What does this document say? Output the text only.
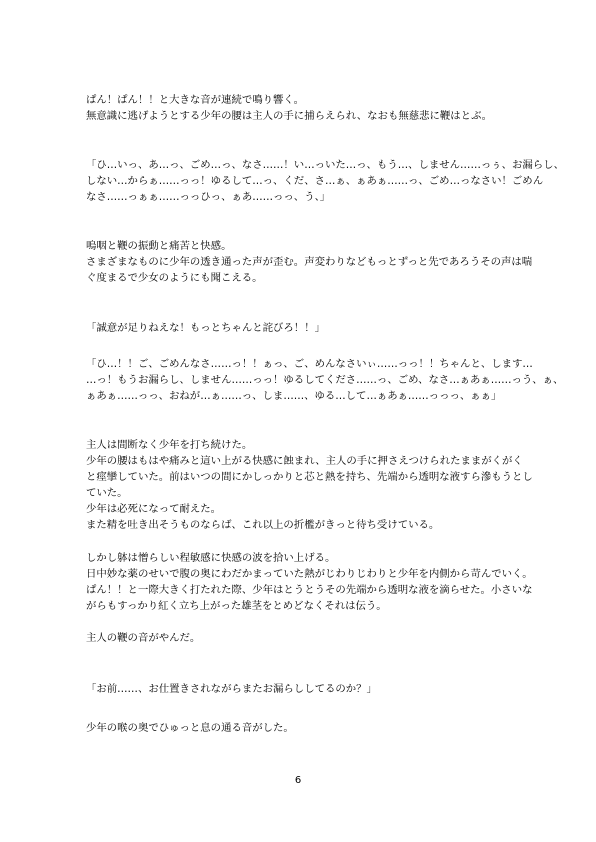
ぱん！ぱん！！と大きな音が連続で鳴り響く。
無意識に逃げようとする少年の腰は主人の手に捕らえられ、なおも無慈悲に鞭はとぶ。
「ひ…いっ、あ…っ、ごめ…っ、なさ……！い…っいた…っ、もう…、しません……っぅ、お漏らし、
しない…からぁ……っっ！ゆるして…っ、くだ、さ…ぁ、ぁあぁ……っ、ごめ…っなさい！ごめん
なさ……っぁぁ……っっひっ、ぁあ……っっ、う、」
嗚咽と鞭の振動と痛苦と快感。
さまざまなものに少年の透き通った声が歪む。声変わりなどもっとずっと先であろうその声は喘
ぐ度まるで少女のようにも聞こえる。
「誠意が足りねえな！もっとちゃんと詫びろ！！」
「ひ…！！ご、ごめんなさ……っ！！ぁっ、ご、めんなさいぃ……っっ！！ちゃんと、します…
…っ！もうお漏らし、しません……っっ！ゆるしてくださ……っ、ごめ、なさ…ぁあぁ……っう、ぁ、
ぁあぁ……っっ、おねが…ぁ……っ、しま……、ゆる…して…ぁあぁ……っっっ、ぁぁ」
主人は間断なく少年を打ち続けた。
少年の腰はもはや痛みと這い上がる快感に蝕まれ、主人の手に押さえつけられたままがくがく
と痙攣していた。前はいつの間にかしっかりと芯と熱を持ち、先端から透明な液すら滲もうとし
ていた。
少年は必死になって耐えた。
また精を吐き出そうものならば、これ以上の折檻がきっと待ち受けている。
しかし躰は憎らしい程敏感に快感の波を拾い上げる。
日中妙な薬のせいで腹の奥にわだかまっていた熱がじわりじわりと少年を内側から苛んでいく。
ぱん！！と一際大きく打たれた際、少年はとうとうその先端から透明な液を滴らせた。小さいな
がらもすっかり紅く立ち上がった雄茎をとめどなくそれは伝う。
主人の鞭の音がやんだ。
「お前……、お仕置きされながらまたお漏らししてるのか？」
少年の喉の奥でひゅっと息の通る音がした。
6
